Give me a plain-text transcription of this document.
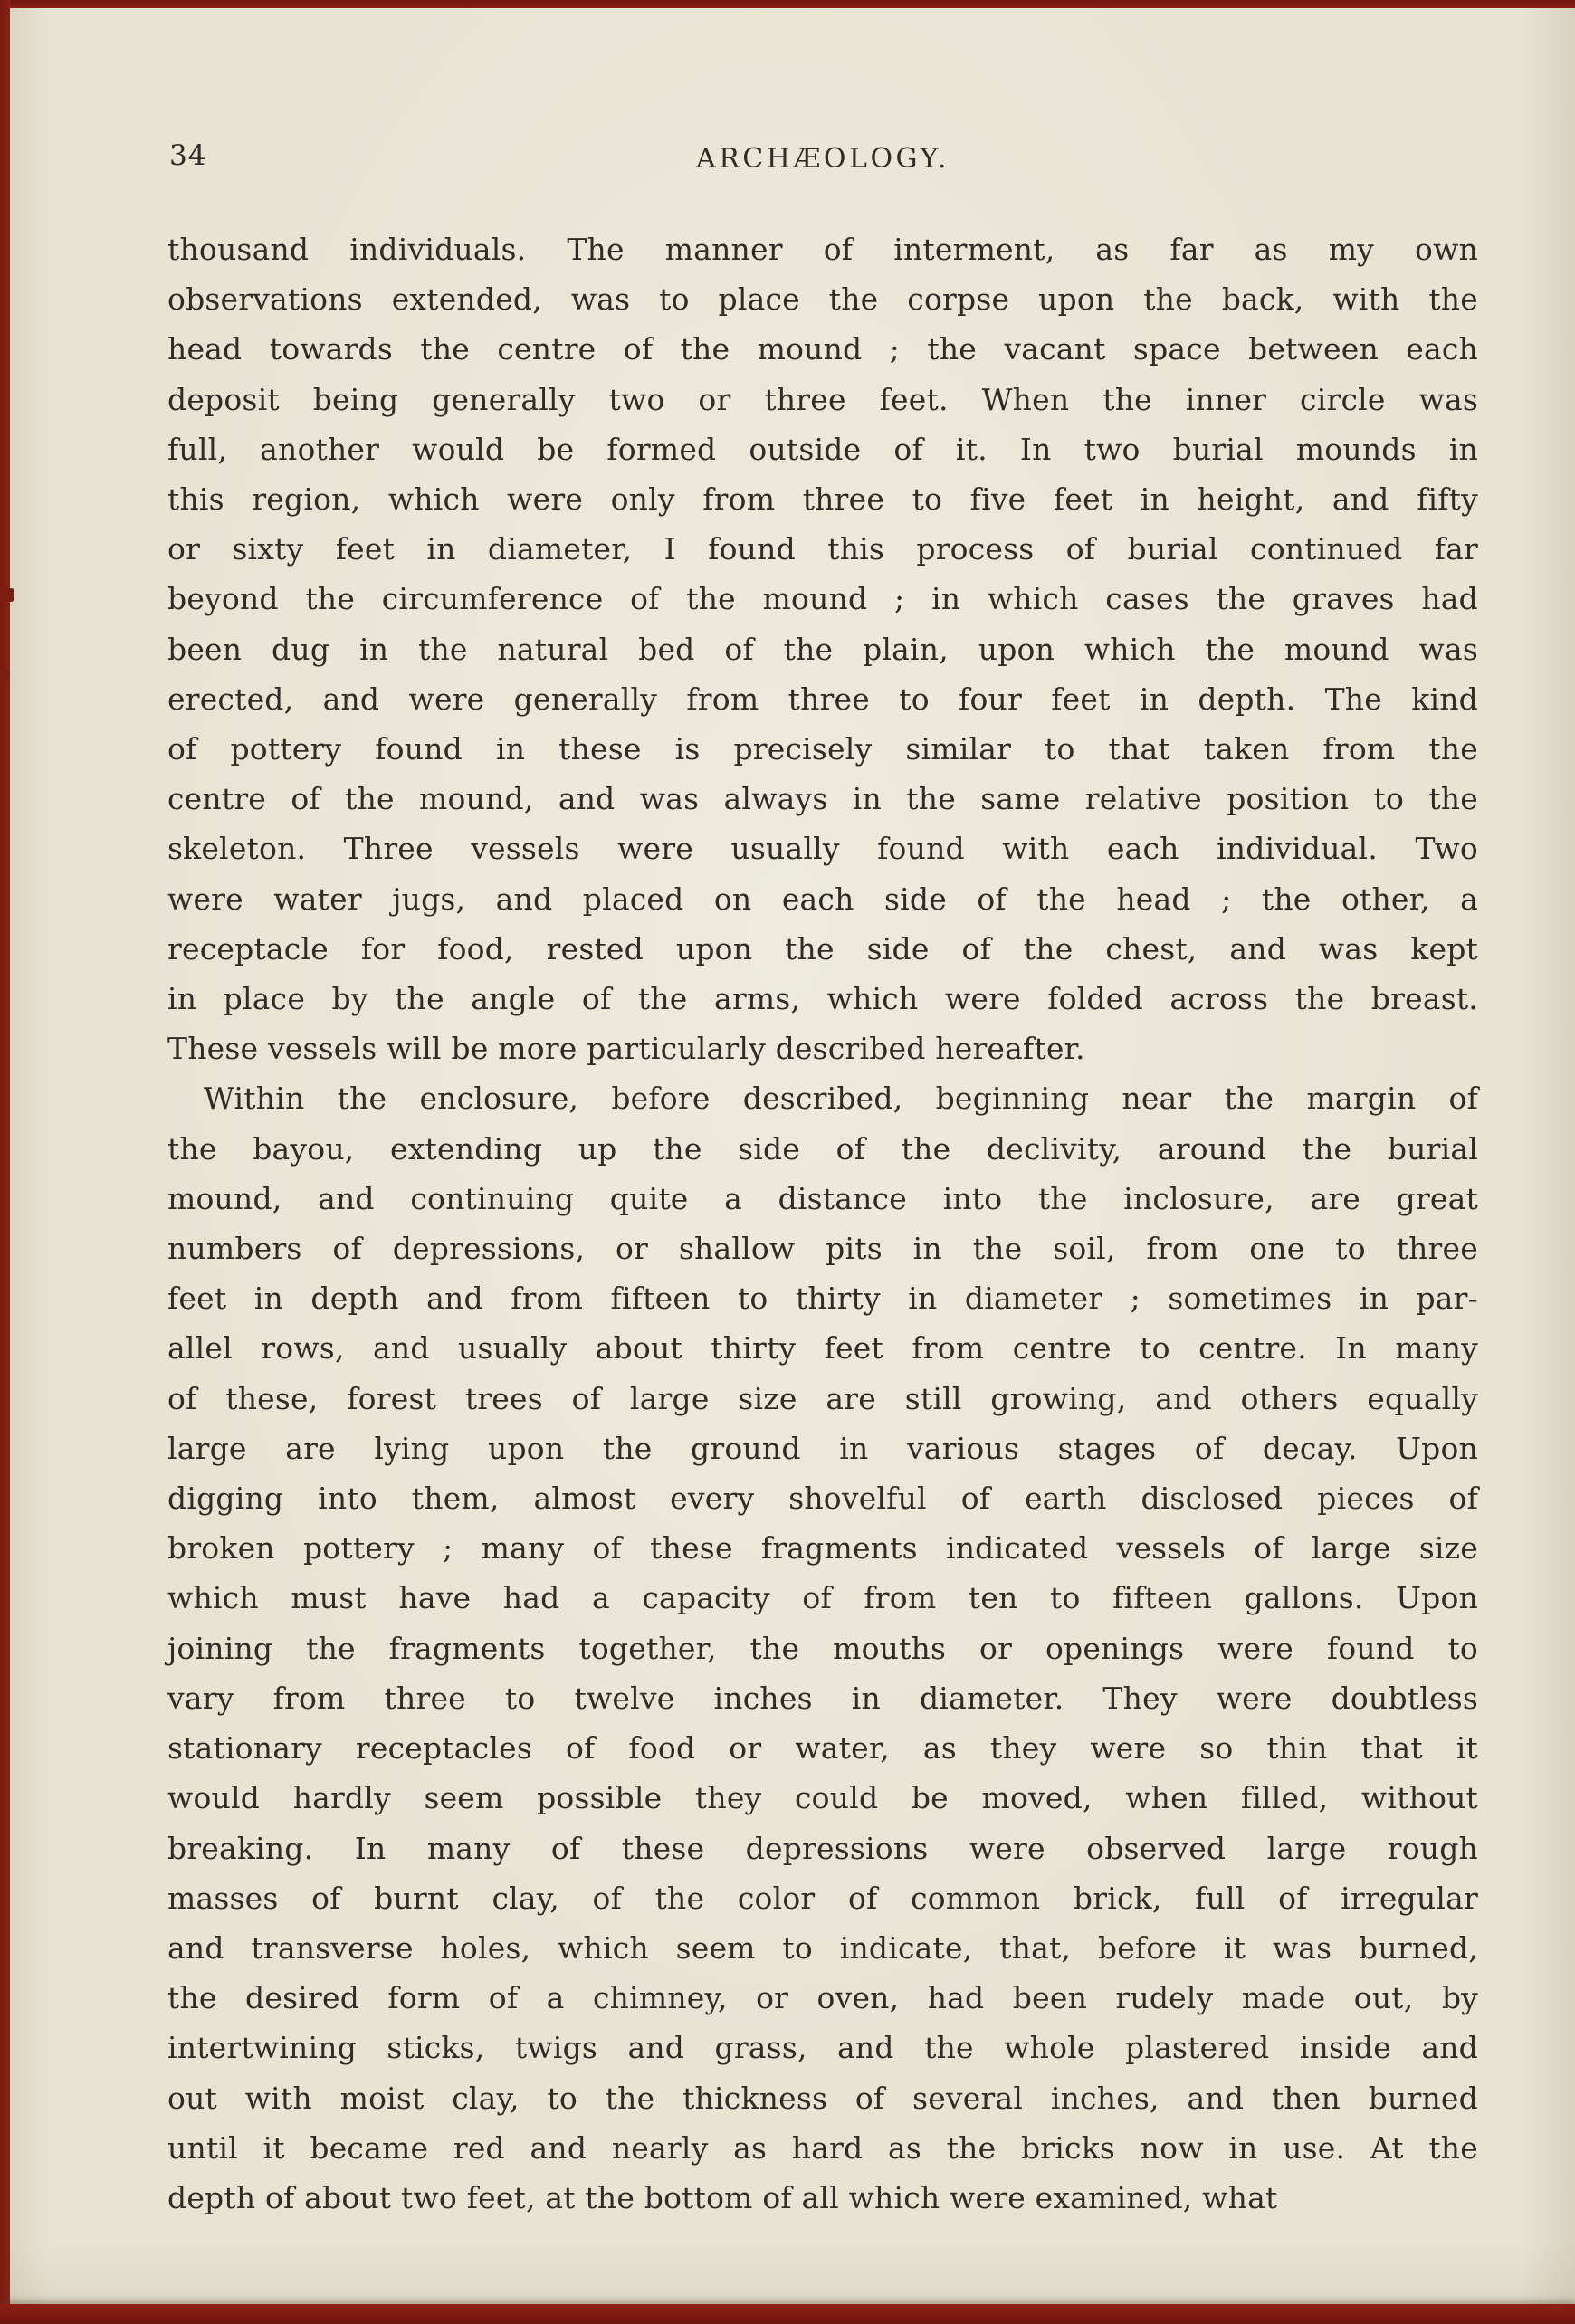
34	ARCHÆOLOGY.
thousand individuals. The manner of interment, as far as my own
observations extended, was to place the corpse upon the back, with the
head towards the centre of the mound ; the vacant space between each
deposit being generally two or three feet. When the inner circle was
full, another would be formed outside of it. In two burial mounds in
this region, which were only from three to five feet in height, and fifty
or sixty feet in diameter, I found this process of burial continued far
beyond the circumference of the mound ; in which cases the graves had
been dug in the natural bed of the plain, upon which the mound was
erected, and were generally from three to four feet in depth. The kind
of pottery found in these is precisely similar to that taken from the
centre of the mound, and was always in the same relative position to the
skeleton. Three vessels were usually found with each individual. Two
were water jugs, and placed on each side of the head ; the other, a
receptacle for food, rested upon the side of the chest, and was kept
in place by the angle of the arms, which were folded across the breast.
These vessels will be more particularly described hereafter.
Within the enclosure, before described, beginning near the margin of
the bayou, extending up the side of the declivity, around the burial
mound, and continuing quite a distance into the inclosure, are great
numbers of depressions, or shallow pits in the soil, from one to three
feet in depth and from fifteen to thirty in diameter ; sometimes in par-
allel rows, and usually about thirty feet from centre to centre. In many
of these, forest trees of large size are still growing, and others equally
large are lying upon the ground in various stages of decay. Upon
digging into them, almost every shovelful of earth disclosed pieces of
broken pottery ; many of these fragments indicated vessels of large size
which must have had a capacity of from ten to fifteen gallons. Upon
joining the fragments together, the mouths or openings were found to
vary from three to twelve inches in diameter. They were doubtless
stationary receptacles of food or water, as they were so thin that it
would hardly seem possible they could be moved, when filled, without
breaking. In many of these depressions were observed large rough
masses of burnt clay, of the color of common brick, full of irregular
and transverse holes, which seem to indicate, that, before it was burned,
the desired form of a chimney, or oven, had been rudely made out, by
intertwining sticks, twigs and grass, and the whole plastered inside and
out with moist clay, to the thickness of several inches, and then burned
until it became red and nearly as hard as the bricks now in use. At the
depth of about two feet, at the bottom of all which were examined, what
